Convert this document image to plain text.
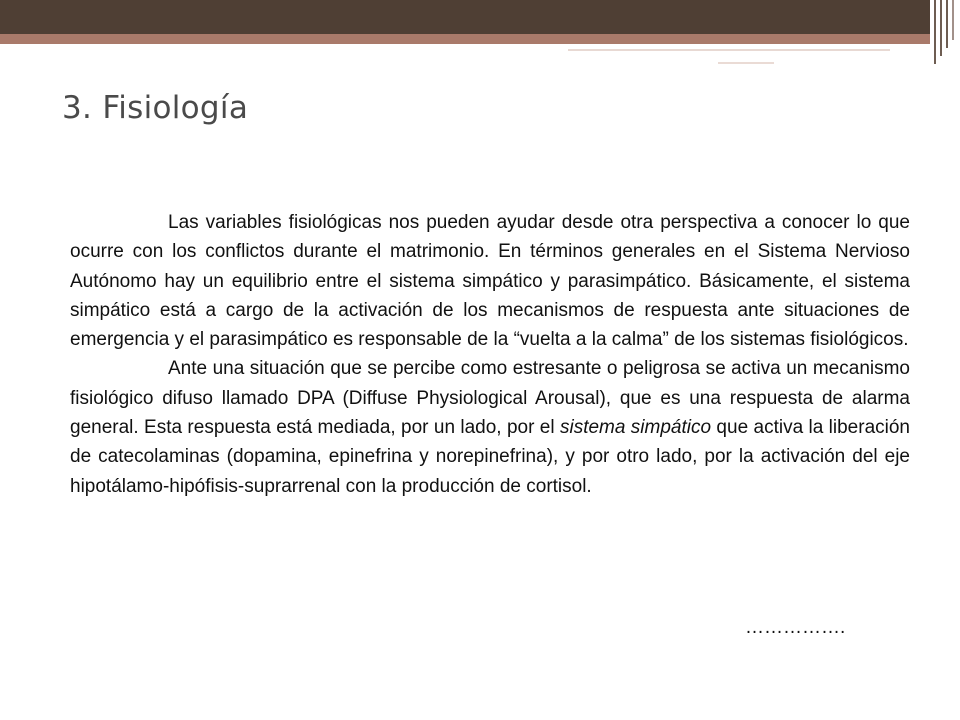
3. Fisiología

Las variables fisiológicas nos pueden ayudar desde otra perspectiva a conocer lo que ocurre con los conflictos durante el matrimonio. En términos generales en el Sistema Nervioso Autónomo hay un equilibrio entre el sistema simpático y parasimpático. Básicamente, el sistema simpático está a cargo de la activación de los mecanismos de respuesta ante situaciones de emergencia y el parasimpático es responsable de la “vuelta a la calma” de los sistemas fisiológicos.

Ante una situación que se percibe como estresante o peligrosa se activa un mecanismo fisiológico difuso llamado DPA (Diffuse Physiological Arousal), que es una respuesta de alarma general. Esta respuesta está mediada, por un lado, por el sistema simpático que activa la liberación de catecolaminas (dopamina, epinefrina y norepinefrina), y por otro lado, por la activación del eje hipotálamo-hipófisis-suprarrenal con la producción de cortisol.

…………….
